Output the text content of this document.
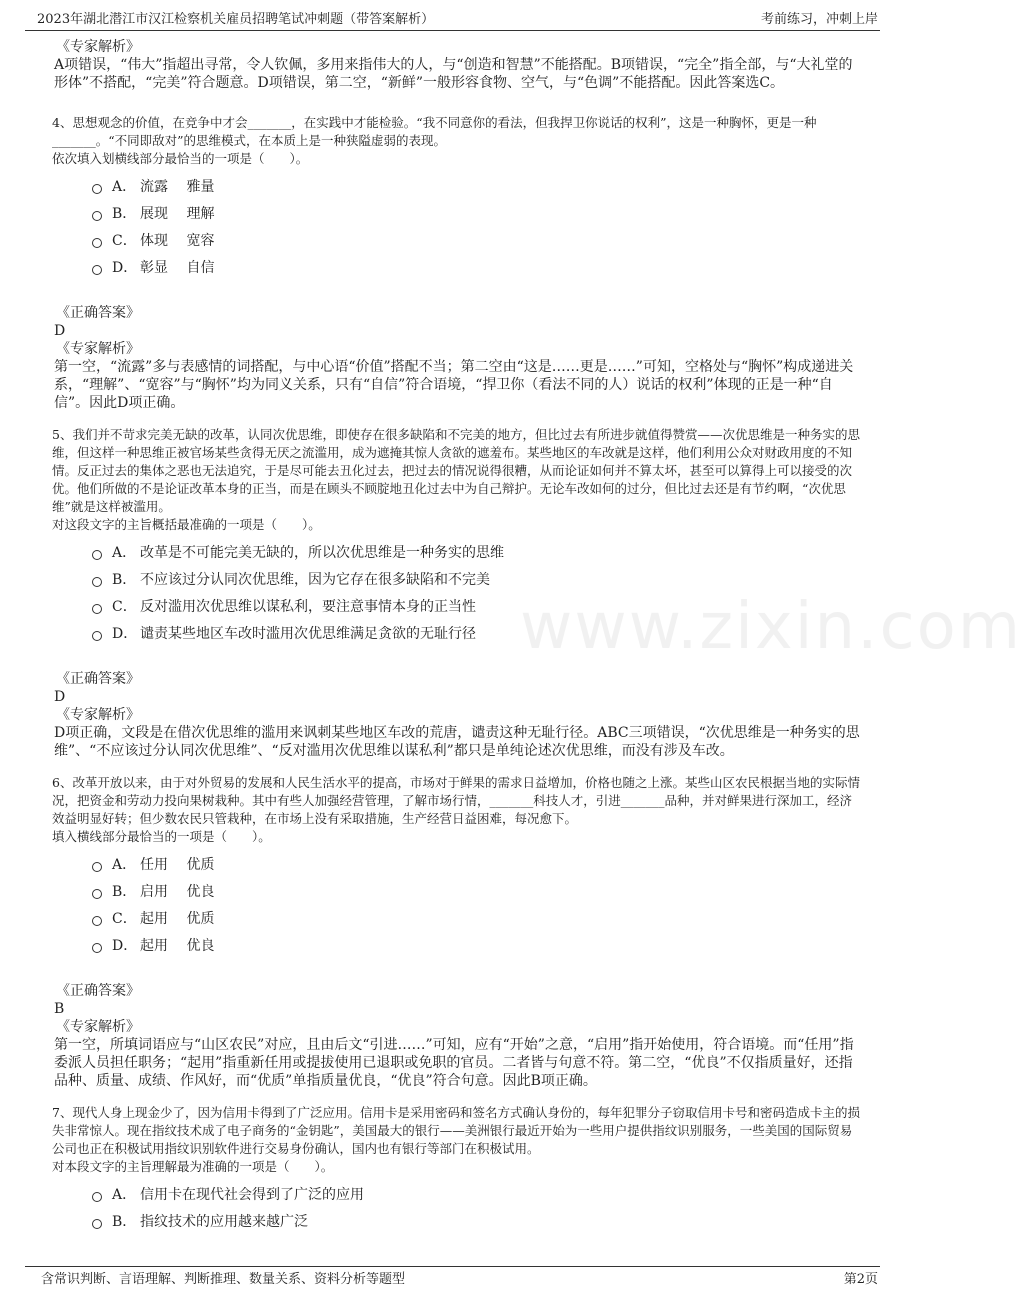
2023年湖北潜江市汉江检察机关雇员招聘笔试冲刺题（带答案解析）	考前练习，冲刺上岸
www.zixin.com
《专家解析》
A项错误，“伟大”指超出寻常，令人钦佩，多用来指伟大的人，与“创造和智慧”不能搭配。B项错误，“完全”指全部，与“大礼堂的形体”不搭配，“完美”符合题意。D项错误，第二空，“新鲜”一般形容食物、空气，与“色调”不能搭配。因此答案选C。
4、思想观念的价值，在竞争中才会_______，在实践中才能检验。“我不同意你的看法，但我捍卫你说话的权利”，这是一种胸怀，更是一种_______。“不同即敌对”的思维模式，在本质上是一种狭隘虚弱的表现。
依次填入划横线部分最恰当的一项是（　　）。
A． 流露　 雅量
B． 展现　 理解
C． 体现　 宽容
D． 彰显　 自信
《正确答案》
D
《专家解析》
第一空，“流露”多与表感情的词搭配，与中心语“价值”搭配不当；第二空由“这是……更是……”可知，空格处与“胸怀”构成递进关系，“理解”、“宽容”与“胸怀”均为同义关系，只有“自信”符合语境，“捍卫你（看法不同的人）说话的权利”体现的正是一种“自信”。因此D项正确。
5、我们并不苛求完美无缺的改革，认同次优思维，即使存在很多缺陷和不完美的地方，但比过去有所进步就值得赞赏——次优思维是一种务实的思维，但这样一种思维正被官场某些贪得无厌之流滥用，成为遮掩其惊人贪欲的遮羞布。某些地区的车改就是这样，他们利用公众对财政用度的不知情。反正过去的集体之恶也无法追究，于是尽可能去丑化过去，把过去的情况说得很糟，从而论证如何并不算太坏，甚至可以算得上可以接受的次优。他们所做的不是论证改革本身的正当，而是在顾头不顾腚地丑化过去中为自己辩护。无论车改如何的过分，但比过去还是有节约啊，“次优思维”就是这样被滥用。
对这段文字的主旨概括最准确的一项是（　　）。
A． 改革是不可能完美无缺的，所以次优思维是一种务实的思维
B． 不应该过分认同次优思维，因为它存在很多缺陷和不完美
C． 反对滥用次优思维以谋私利，要注意事情本身的正当性
D． 谴责某些地区车改时滥用次优思维满足贪欲的无耻行径
《正确答案》
D
《专家解析》
D项正确，文段是在借次优思维的滥用来讽刺某些地区车改的荒唐，谴责这种无耻行径。ABC三项错误，“次优思维是一种务实的思维”、“不应该过分认同次优思维”、“反对滥用次优思维以谋私利”都只是单纯论述次优思维，而没有涉及车改。
6、改革开放以来，由于对外贸易的发展和人民生活水平的提高，市场对于鲜果的需求日益增加，价格也随之上涨。某些山区农民根据当地的实际情况，把资金和劳动力投向果树栽种。其中有些人加强经营管理，了解市场行情，_______科技人才，引进_______品种，并对鲜果进行深加工，经济效益明显好转；但少数农民只管栽种，在市场上没有采取措施，生产经营日益困难，每况愈下。
填入横线部分最恰当的一项是（　　）。
A． 任用　 优质
B． 启用　 优良
C． 起用　 优质
D． 起用　 优良
《正确答案》
B
《专家解析》
第一空，所填词语应与“山区农民”对应，且由后文“引进……”可知，应有“开始”之意，“启用”指开始使用，符合语境。而“任用”指委派人员担任职务；“起用”指重新任用或提拔使用已退职或免职的官员。二者皆与句意不符。第二空，“优良”不仅指质量好，还指品种、质量、成绩、作风好，而“优质”单指质量优良，“优良”符合句意。因此B项正确。
7、现代人身上现金少了，因为信用卡得到了广泛应用。信用卡是采用密码和签名方式确认身份的，每年犯罪分子窃取信用卡号和密码造成卡主的损失非常惊人。现在指纹技术成了电子商务的“金钥匙”，美国最大的银行——美洲银行最近开始为一些用户提供指纹识别服务，一些美国的国际贸易公司也正在积极试用指纹识别软件进行交易身份确认，国内也有银行等部门在积极试用。
对本段文字的主旨理解最为准确的一项是（　　）。
A． 信用卡在现代社会得到了广泛的应用
B． 指纹技术的应用越来越广泛
含常识判断、言语理解、判断推理、数量关系、资料分析等题型	第2页
